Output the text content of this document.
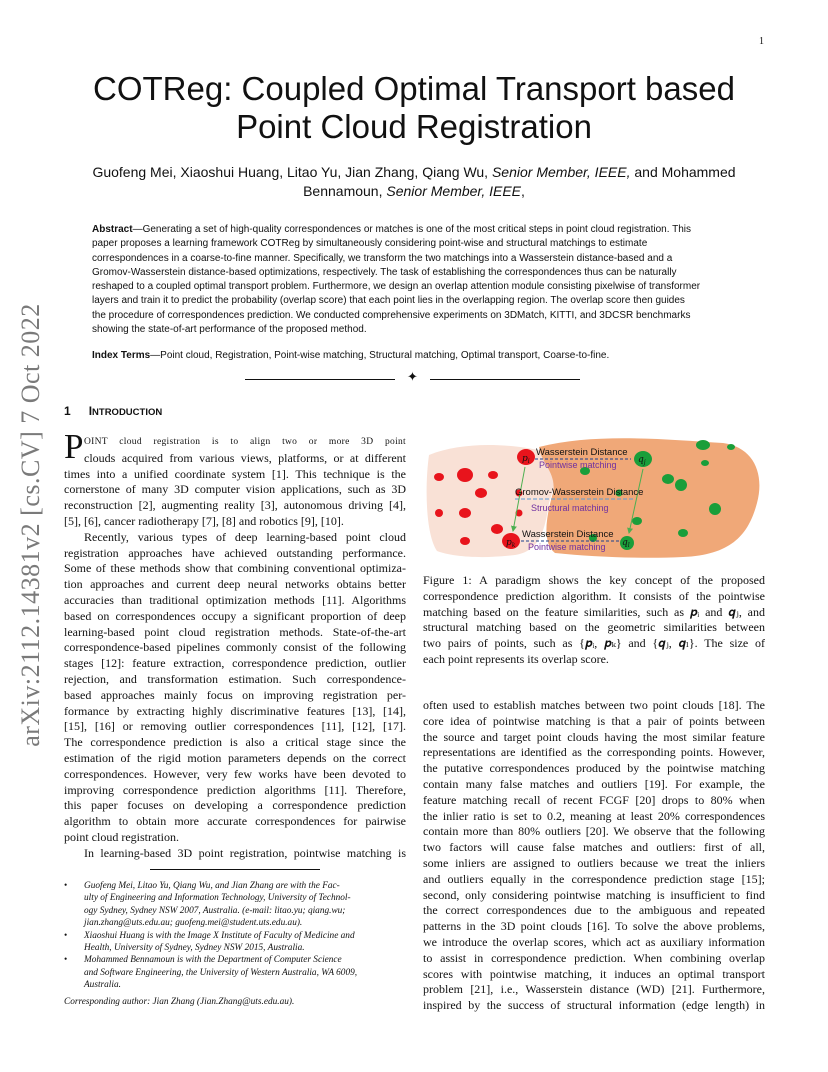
arXiv:2112.14381v2 [cs.CV] 7 Oct 2022
1
COTReg: Coupled Optimal Transport based
Point Cloud Registration
Guofeng Mei, Xiaoshui Huang, Litao Yu, Jian Zhang, Qiang Wu, Senior Member, IEEE, and Mohammed
Bennamoun, Senior Member, IEEE,
Abstract—Generating a set of high-quality correspondences or matches is one of the most critical steps in point cloud registration. This
paper proposes a learning framework COTReg by simultaneously considering point-wise and structural matchings to estimate
correspondences in a coarse-to-fine manner. Specifically, we transform the two matchings into a Wasserstein distance-based and a
Gromov-Wasserstein distance-based optimizations, respectively. The task of establishing the correspondences thus can be naturally
reshaped to a coupled optimal transport problem. Furthermore, we design an overlap attention module consisting pixelwise of transformer
layers and train it to predict the probability (overlap score) that each point lies in the overlapping region. The overlap score then guides
the procedure of correspondences prediction. We conducted comprehensive experiments on 3DMatch, KITTI, and 3DCSR benchmarks
showing the state-of-art performance of the proposed method.
Index Terms—Point cloud, Registration, Point-wise matching, Structural matching, Optimal transport, Coarse-to-fine.
✦
1 INTRODUCTION
P OINT cloud registration is to align two or more 3D point
clouds acquired from various views, platforms, or at different
times into a unified coordinate system [1]. This technique is the
cornerstone of many 3D computer vision applications, such as 3D
reconstruction [2], augmenting reality [3], autonomous driving [4],
[5], [6], cancer radiotherapy [7], [8] and robotics [9], [10].
Recently, various types of deep learning-based point cloud
registration approaches have achieved outstanding performance.
Some of these methods show that combining conventional optimiza-
tion approaches and current deep neural networks obtains better
accuracies than traditional optimization methods [11]. Algorithms
based on correspondences occupy a significant proportion of deep
learning-based point cloud registration methods. State-of-the-art
correspondence-based pipelines commonly consist of the following
stages [12]: feature extraction, correspondence prediction, outlier
rejection, and transformation estimation. Such correspondence-
based approaches mainly focus on improving registration per-
formance by extracting highly discriminative features [13], [14],
[15], [16] or removing outlier correspondences [11], [12], [17].
The correspondence prediction is also a critical stage since the
estimation of the rigid motion parameters depends on the correct
correspondences. However, very few works have been devoted to
improving correspondence prediction algorithms [11]. Therefore,
this paper focuses on developing a correspondence prediction
algorithm to obtain more accurate correspondences for pairwise
point cloud registration.
In learning-based 3D point registration, pointwise matching is
• Guofeng Mei, Litao Yu, Qiang Wu, and Jian Zhang are with the Fac-
ulty of Engineering and Information Technology, University of Technol-
ogy Sydney, Sydney NSW 2007, Australia. (e-mail: litao.yu; qiang.wu;
jian.zhang@uts.edu.au; guofeng.mei@student.uts.edu.au).
• Xiaoshui Huang is with the Image X Institute of Faculty of Medicine and
Health, University of Sydney, Sydney NSW 2015, Australia.
• Mohammed Bennamoun is with the Department of Computer Science
and Software Engineering, the University of Western Australia, WA 6009,
Australia.
Corresponding author: Jian Zhang (Jian.Zhang@uts.edu.au).
$p_i$	$q_j$
$p_k$	$q_l$
Wasserstein Distance
Pointwise matching
Gromov-Wasserstein Distance
Structural matching
Wasserstein Distance
Pointwise matching
Figure 1: A paradigm shows the key concept of the proposed
correspondence prediction algorithm. It consists of the pointwise
matching based on the feature similarities, such as 𝒑ᵢ and 𝒒ⱼ, and
structural matching based on the geometric similarities between
two pairs of points, such as {𝒑ᵢ, 𝒑ₖ} and {𝒒ⱼ, 𝒒ₗ}. The size of
each point represents its overlap score.
often used to establish matches between two point clouds [18]. The
core idea of pointwise matching is that a pair of points between
the source and target point clouds having the most similar feature
representations are identified as the corresponding points. However,
the putative correspondences produced by the pointwise matching
contain many false matches and outliers [19]. For example, the
feature matching recall of recent FCGF [20] drops to 80% when
the inlier ratio is set to 0.2, meaning at least 20% correspondences
contain more than 80% outliers [20]. We observe that the following
two factors will cause false matches and outliers: first of all,
some inliers are assigned to outliers because we treat the inliers
and outliers equally in the correspondence prediction stage [15];
second, only considering pointwise matching is insufficient to find
the correct correspondences due to the ambiguous and repeated
patterns in the 3D point clouds [16]. To solve the above problems,
we introduce the overlap scores, which act as auxiliary information
to assist in correspondence prediction. When combining overlap
scores with pointwise matching, it induces an optimal transport
problem [21], i.e., Wasserstein distance (WD) [21]. Furthermore,
inspired by the success of structural information (edge length) in
